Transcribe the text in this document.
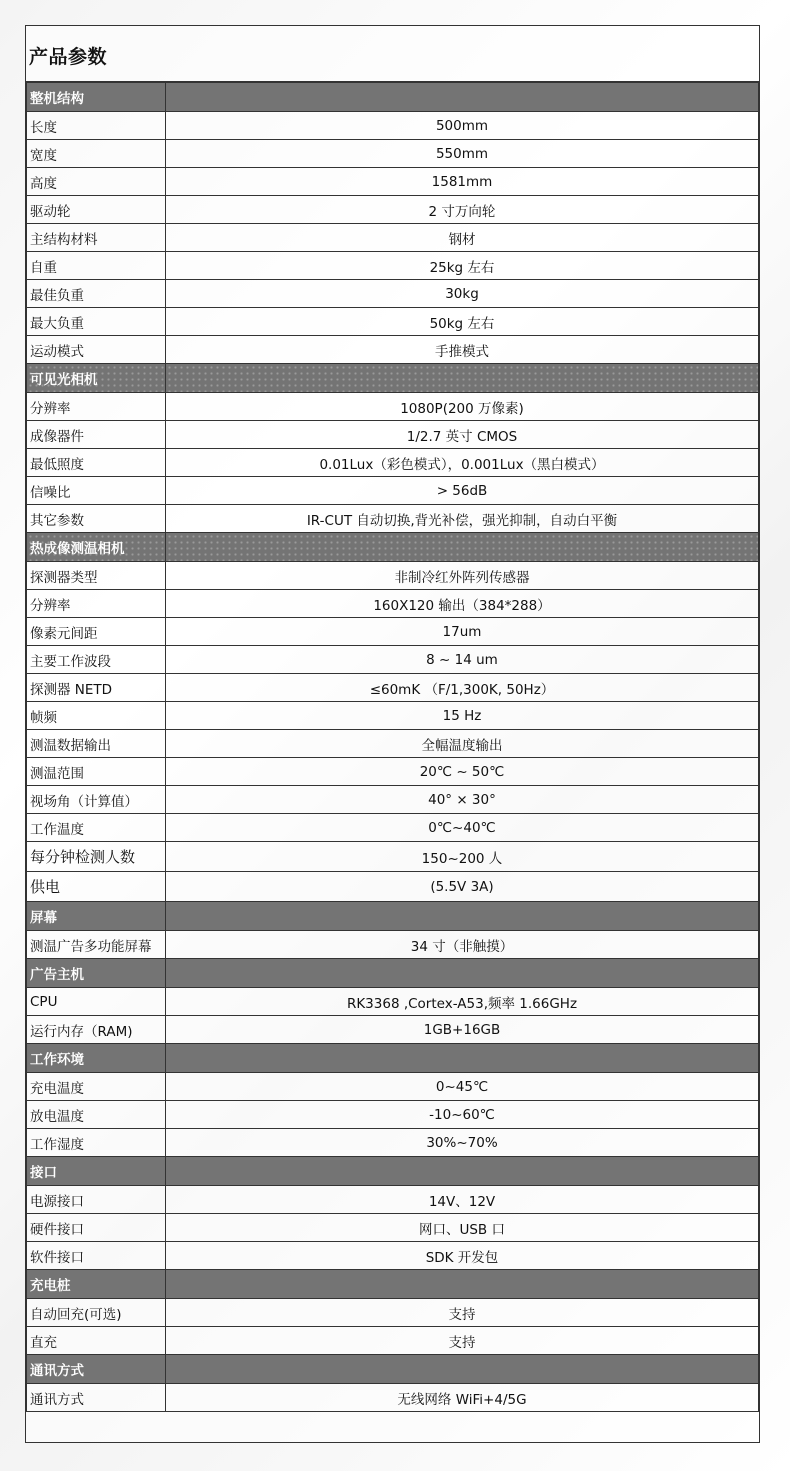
产品参数
整机结构	
长度	500mm
宽度	550mm
高度	1581mm
驱动轮	2 寸万向轮
主结构材料	钢材
自重	25kg 左右
最佳负重	30kg
最大负重	50kg 左右
运动模式	手推模式
可见光相机	
分辨率	1080P(200 万像素)
成像器件	1/2.7 英寸 CMOS
最低照度	0.01Lux（彩色模式），0.001Lux（黑白模式）
信噪比	> 56dB
其它参数	IR-CUT 自动切换,背光补偿，强光抑制，自动白平衡
热成像测温相机	
探测器类型	非制冷红外阵列传感器
分辨率	160X120 输出（384*288）
像素元间距	17um
主要工作波段	8 ~ 14 um
探测器 NETD	≤60mK （F/1,300K, 50Hz）
帧频	15 Hz
测温数据输出	全幅温度输出
测温范围	20℃ ~ 50℃
视场角（计算值）	40° × 30°
工作温度	0℃~40℃
每分钟检测人数	150~200 人
供电	(5.5V 3A)
屏幕	
测温广告多功能屏幕	34 寸（非触摸）
广告主机	
CPU	RK3368 ,Cortex-A53,频率 1.66GHz
运行内存（RAM)	1GB+16GB
工作环境	
充电温度	0~45℃
放电温度	-10~60℃
工作湿度	30%~70%
接口	
电源接口	14V、12V
硬件接口	网口、USB 口
软件接口	SDK 开发包
充电桩	
自动回充(可选)	支持
直充	支持
通讯方式	
通讯方式	无线网络 WiFi+4/5G
